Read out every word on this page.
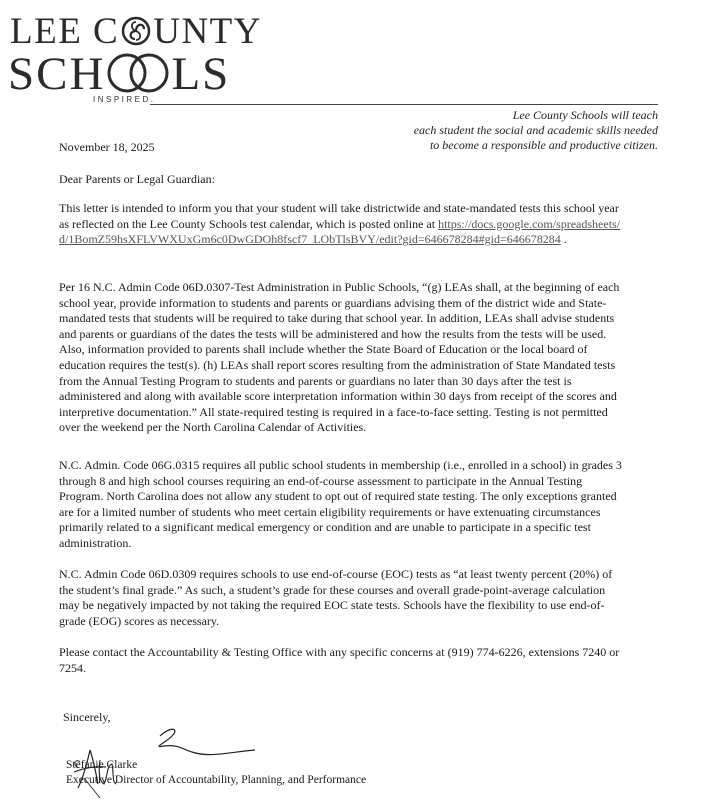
LEE C UNTY
SCH LS
INSPIRED.
Lee County Schools will teach
each student the social and academic skills needed
to become a responsible and productive citizen.
November 18, 2025
Dear Parents or Legal Guardian:
This letter is intended to inform you that your student will take districtwide and state-mandated tests this school year as reflected on the Lee County Schools test calendar, which is posted online at https://docs.google.com/spreadsheets/d/1BomZ59hsXFLVWXUxGm6c0DwGDOh8fscf7_LObTlsBVY/edit?gid=646678284#gid=646678284 .
Per 16 N.C. Admin Code 06D.0307-Test Administration in Public Schools, “(g) LEAs shall, at the beginning of each school year, provide information to students and parents or guardians advising them of the district wide and State-mandated tests that students will be required to take during that school year. In addition, LEAs shall advise students and parents or guardians of the dates the tests will be administered and how the results from the tests will be used. Also, information provided to parents shall include whether the State Board of Education or the local board of education requires the test(s). (h) LEAs shall report scores resulting from the administration of State Mandated tests from the Annual Testing Program to students and parents or guardians no later than 30 days after the test is administered and along with available score interpretation information within 30 days from receipt of the scores and interpretive documentation.” All state-required testing is required in a face-to-face setting. Testing is not permitted over the weekend per the North Carolina Calendar of Activities.
N.C. Admin. Code 06G.0315 requires all public school students in membership (i.e., enrolled in a school) in grades 3 through 8 and high school courses requiring an end-of-course assessment to participate in the Annual Testing Program. North Carolina does not allow any student to opt out of required state testing. The only exceptions granted are for a limited number of students who meet certain eligibility requirements or have extenuating circumstances primarily related to a significant medical emergency or condition and are unable to participate in a specific test administration.
N.C. Admin Code 06D.0309 requires schools to use end-of-course (EOC) tests as “at least twenty percent (20%) of the student’s final grade.” As such, a student’s grade for these courses and overall grade-point-average calculation may be negatively impacted by not taking the required EOC state tests. Schools have the flexibility to use end-of-grade (EOG) scores as necessary.
Please contact the Accountability & Testing Office with any specific concerns at (919) 774-6226, extensions 7240 or 7254.
Sincerely,
Stefanie Clarke
Executive Director of Accountability, Planning, and Performance
